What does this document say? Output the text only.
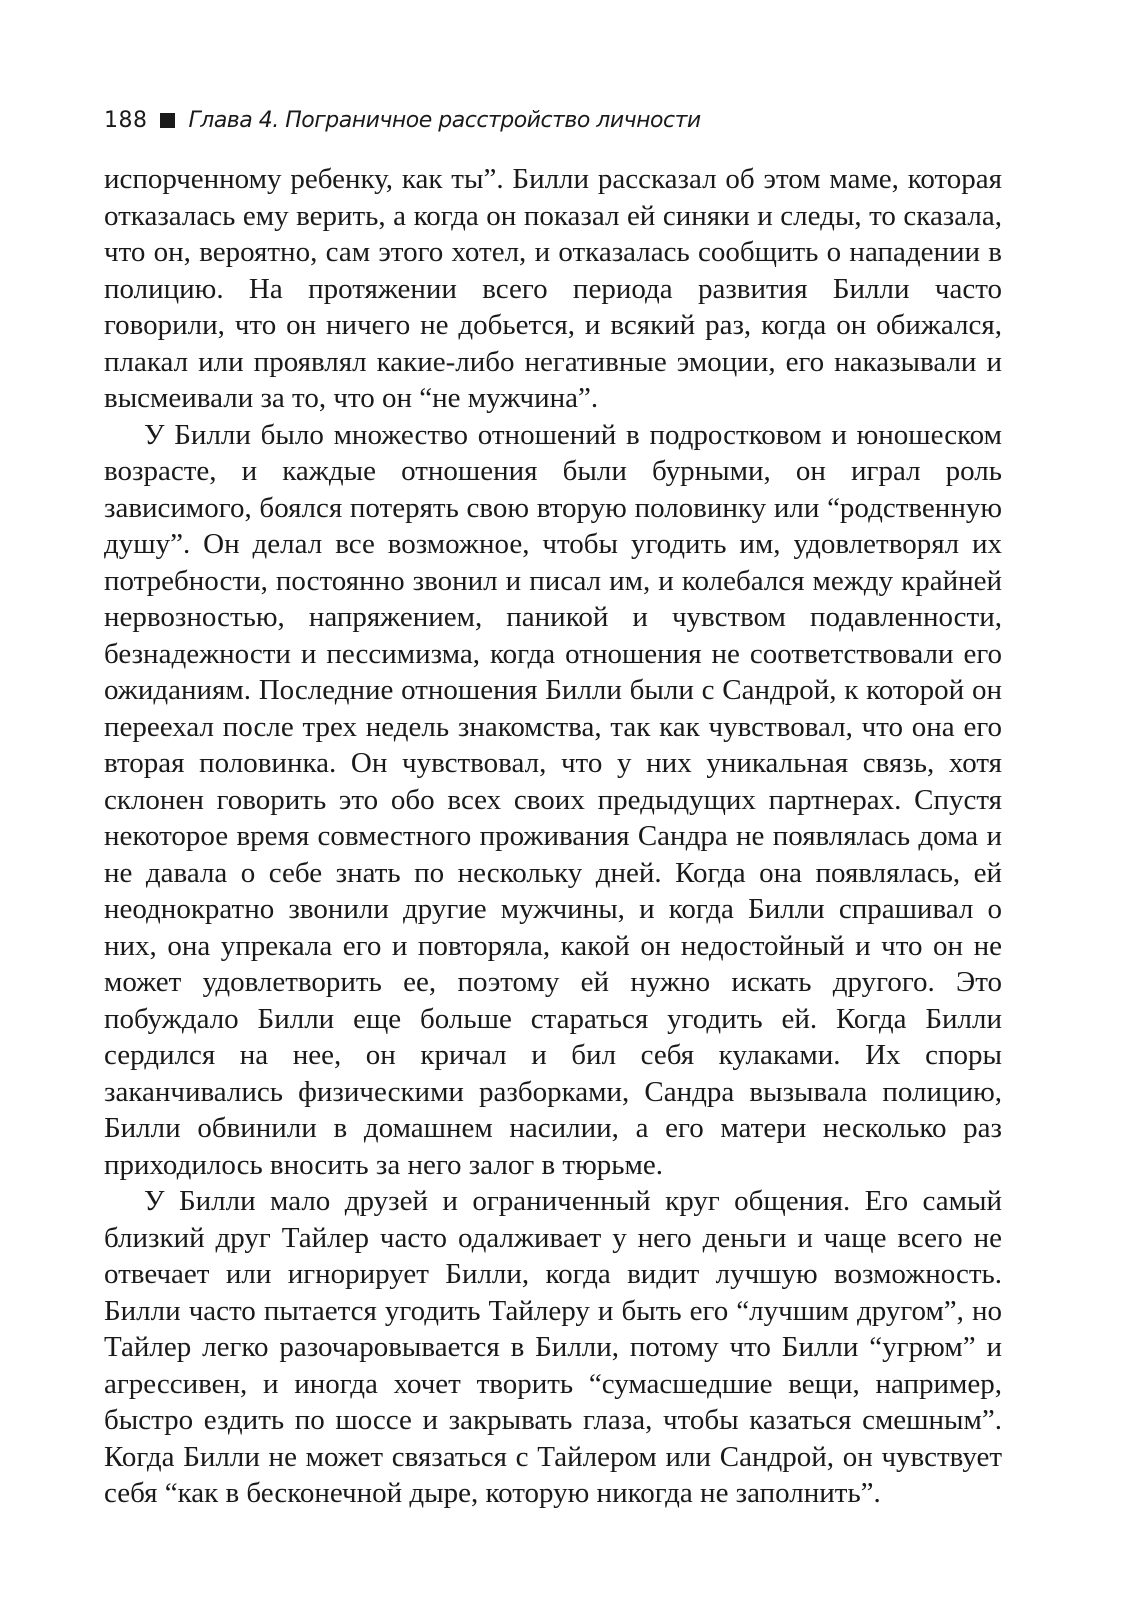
188 Глава 4. Пограничное расстройство личности

испорченному ребенку, как ты”. Билли рассказал об этом маме, которая отказалась ему верить, а когда он показал ей синяки и следы, то сказала, что он, вероятно, сам этого хотел, и отказалась сообщить о нападении в полицию. На протяжении всего периода развития Билли часто говорили, что он ничего не добьется, и всякий раз, когда он обижался, плакал или проявлял какие-либо негативные эмоции, его наказывали и высмеивали за то, что он “не мужчина”.

У Билли было множество отношений в подростковом и юношеском возрасте, и каждые отношения были бурными, он играл роль зависимого, боялся потерять свою вторую половинку или “родственную душу”. Он делал все возможное, чтобы угодить им, удовлетворял их потребности, постоянно звонил и писал им, и колебался между крайней нервозностью, напряжением, паникой и чувством подавленности, безнадежности и пессимизма, когда отношения не соответствовали его ожиданиям. Последние отношения Билли были с Сандрой, к которой он переехал после трех недель знакомства, так как чувствовал, что она его вторая половинка. Он чувствовал, что у них уникальная связь, хотя склонен говорить это обо всех своих предыдущих партнерах. Спустя некоторое время совместного проживания Сандра не появлялась дома и не давала о себе знать по нескольку дней. Когда она появлялась, ей неоднократно звонили другие мужчины, и когда Билли спрашивал о них, она упрекала его и повторяла, какой он недостойный и что он не может удовлетворить ее, поэтому ей нужно искать другого. Это побуждало Билли еще больше стараться угодить ей. Когда Билли сердился на нее, он кричал и бил себя кулаками. Их споры заканчивались физическими разборками, Сандра вызывала полицию, Билли обвинили в домашнем насилии, а его матери несколько раз приходилось вносить за него залог в тюрьме.

У Билли мало друзей и ограниченный круг общения. Его самый близкий друг Тайлер часто одалживает у него деньги и чаще всего не отвечает или игнорирует Билли, когда видит лучшую возможность. Билли часто пытается угодить Тайлеру и быть его “лучшим другом”, но Тайлер легко разочаровывается в Билли, потому что Билли “угрюм” и агрессивен, и иногда хочет творить “сумасшедшие вещи, например, быстро ездить по шоссе и закрывать глаза, чтобы казаться смешным”. Когда Билли не может связаться с Тайлером или Сандрой, он чувствует себя “как в бесконечной дыре, которую никогда не заполнить”.
